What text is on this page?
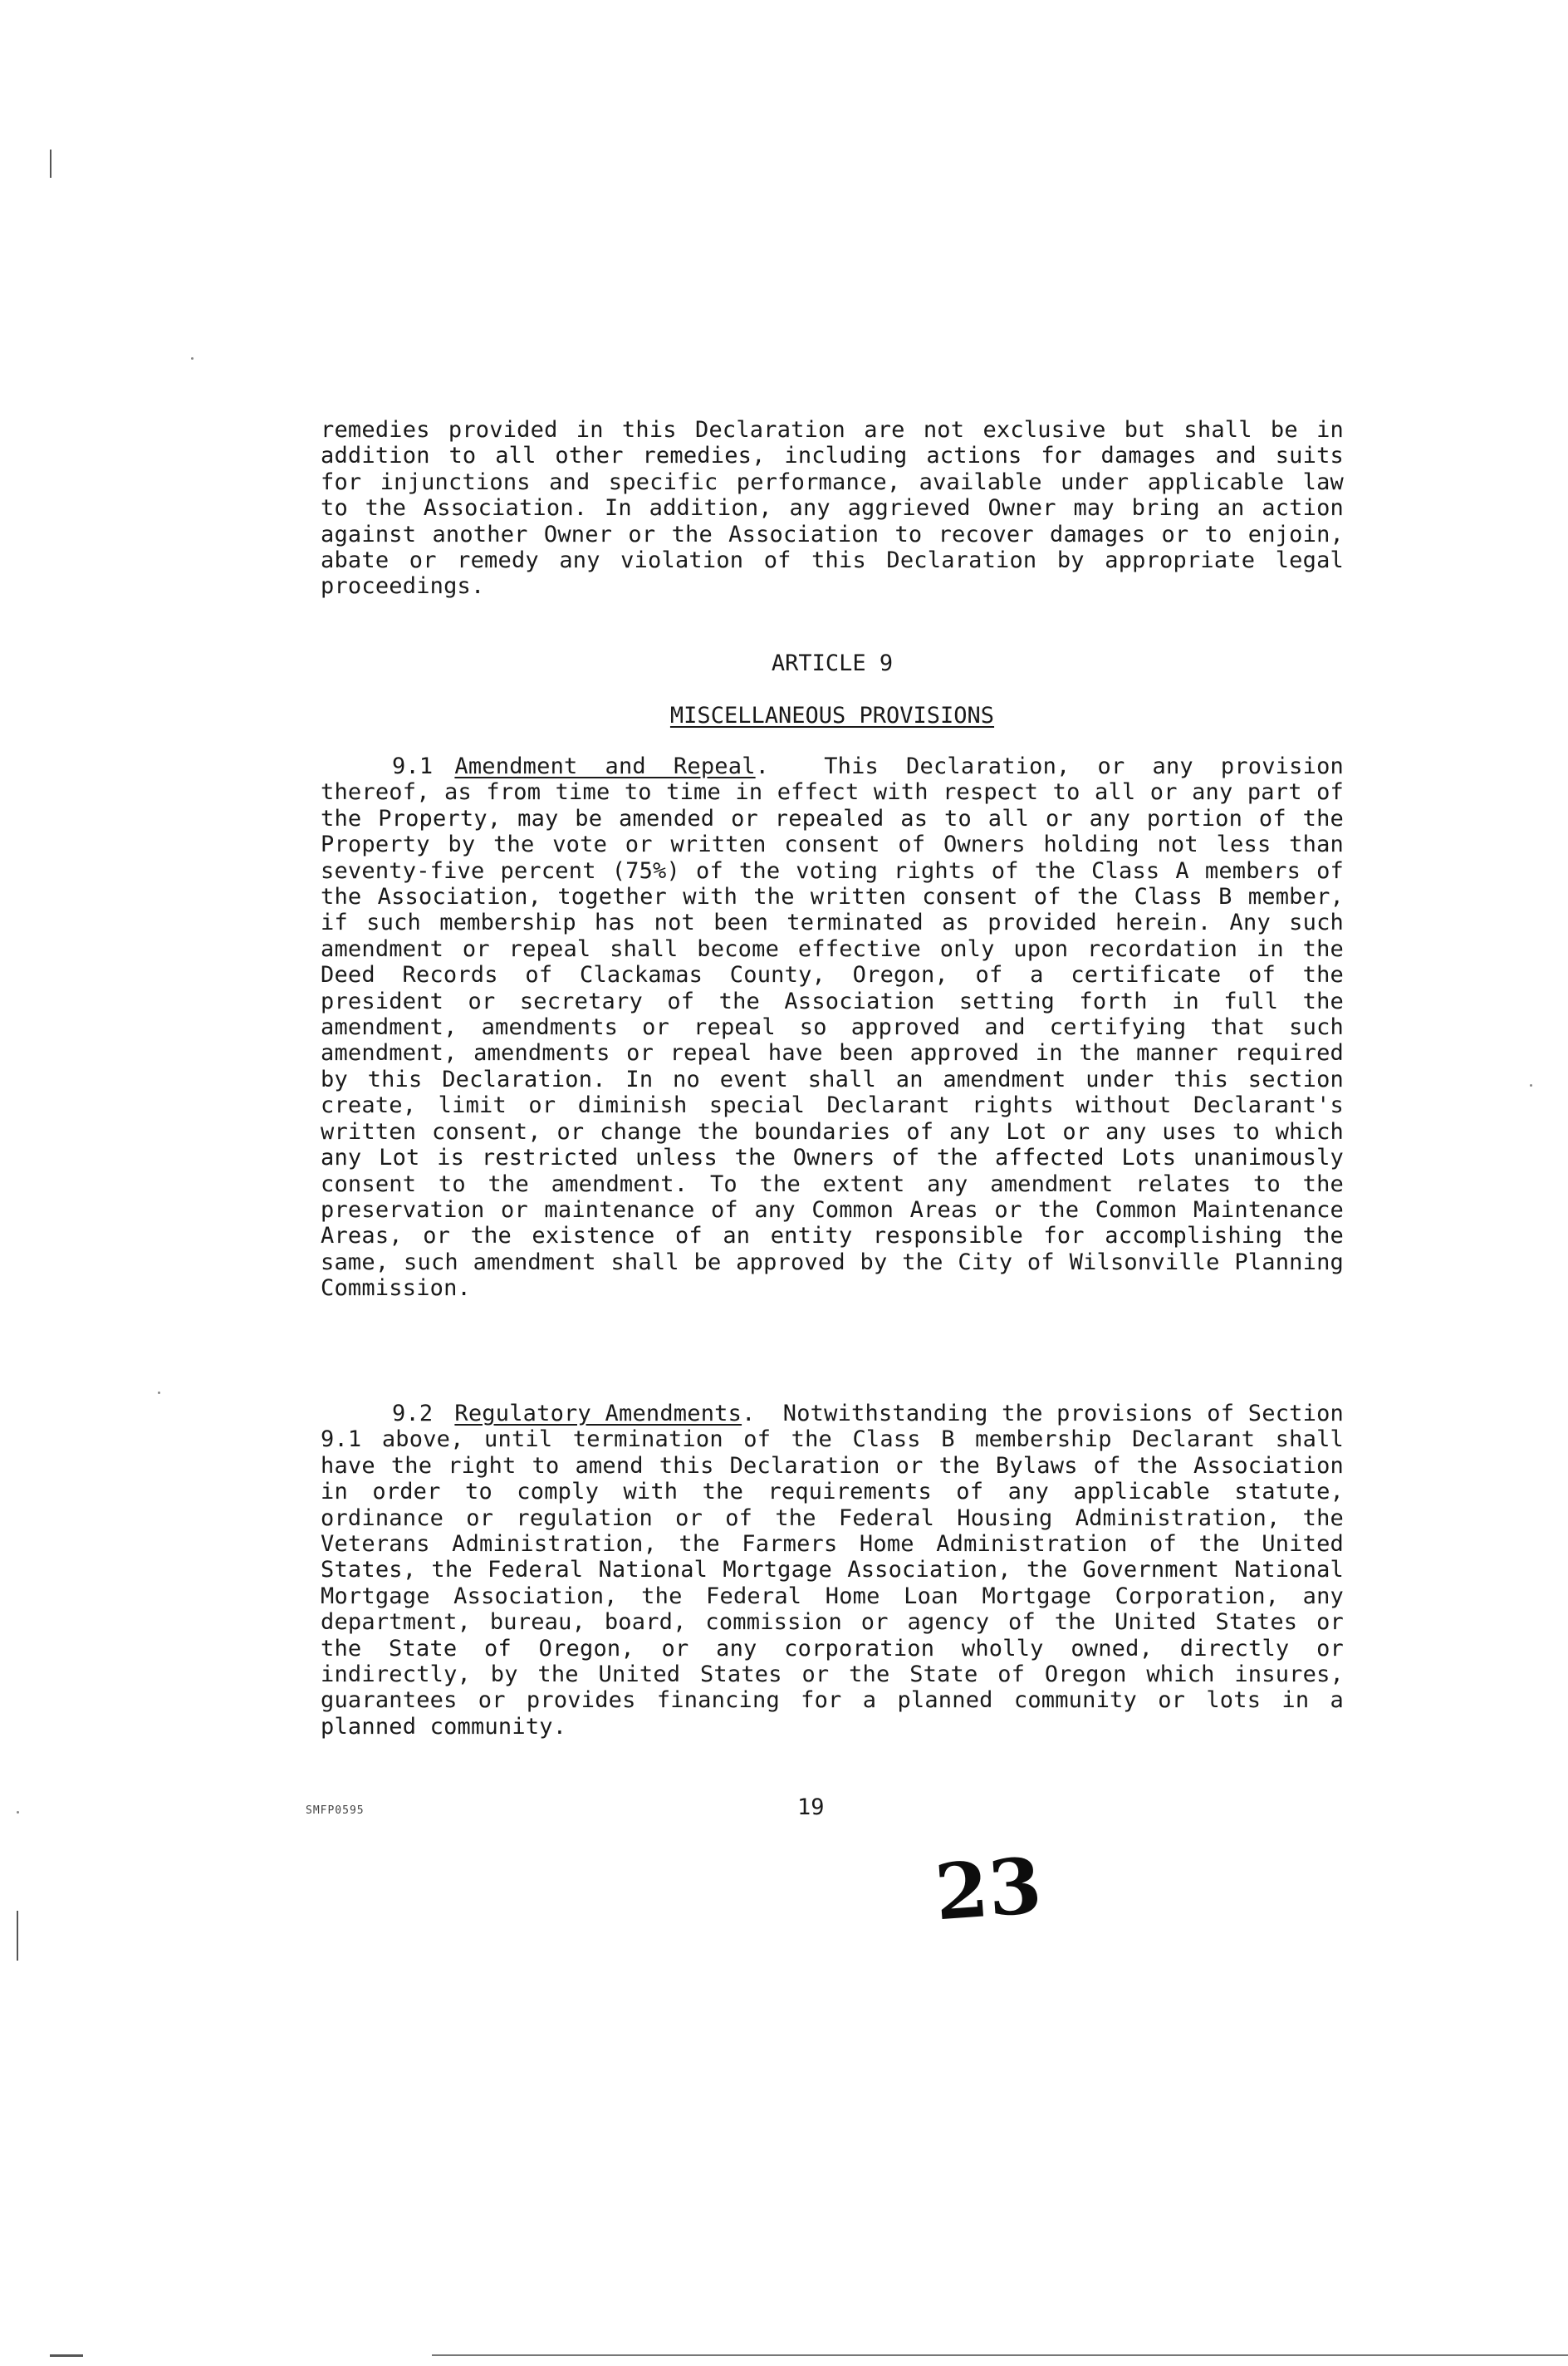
remedies provided in this Declaration are not exclusive but shall be in addition to all other remedies, including actions for damages and suits for injunctions and specific performance, available under applicable law to the Association. In addition, any aggrieved Owner may bring an action against another Owner or the Association to recover damages or to enjoin, abate or remedy any violation of this Declaration by appropriate legal proceedings.

ARTICLE 9
MISCELLANEOUS PROVISIONS

9.1 Amendment and Repeal.  This Declaration, or any provision thereof, as from time to time in effect with respect to all or any part of the Property, may be amended or repealed as to all or any portion of the Property by the vote or written consent of Owners holding not less than seventy-five percent (75%) of the voting rights of the Class A members of the Association, together with the written consent of the Class B member, if such membership has not been terminated as provided herein. Any such amendment or repeal shall become effective only upon recordation in the Deed Records of Clackamas County, Oregon, of a certificate of the president or secretary of the Association setting forth in full the amendment, amendments or repeal so approved and certifying that such amendment, amendments or repeal have been approved in the manner required by this Declaration. In no event shall an amendment under this section create, limit or diminish special Declarant rights without Declarant's written consent, or change the boundaries of any Lot or any uses to which any Lot is restricted unless the Owners of the affected Lots unanimously consent to the amendment. To the extent any amendment relates to the preservation or maintenance of any Common Areas or the Common Maintenance Areas, or the existence of an entity responsible for accomplishing the same, such amendment shall be approved by the City of Wilsonville Planning Commission.

9.2 Regulatory Amendments.  Notwithstanding the provisions of Section 9.1 above, until termination of the Class B membership Declarant shall have the right to amend this Declaration or the Bylaws of the Association in order to comply with the requirements of any applicable statute, ordinance or regulation or of the Federal Housing Administration, the Veterans Administration, the Farmers Home Administration of the United States, the Federal National Mortgage Association, the Government National Mortgage Association, the Federal Home Loan Mortgage Corporation, any department, bureau, board, commission or agency of the United States or the State of Oregon, or any corporation wholly owned, directly or indirectly, by the United States or the State of Oregon which insures, guarantees or provides financing for a planned community or lots in a planned community.

SMFP0595	19
23
